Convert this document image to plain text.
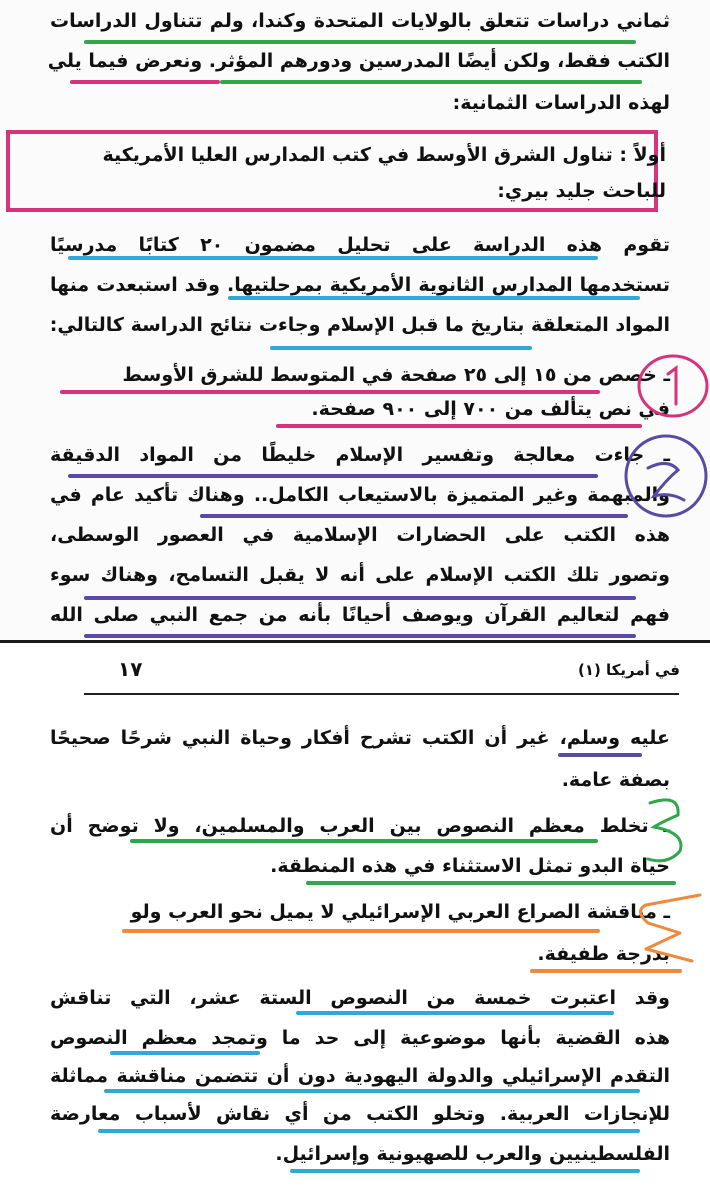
ثماني دراسات تتعلق بالولايات المتحدة وكندا، ولم تتناول الدراسات
الكتب فقط، ولكن أيضًا المدرسين ودورهم المؤثر. ونعرض فيما يلي
لهذه الدراسات الثمانية:
أولاً : تناول الشرق الأوسط في كتب المدارس العليا الأمريكية
للباحث جليد بيري:
تقوم هذه الدراسة على تحليل مضمون ٢٠ كتابًا مدرسيًا
تستخدمها المدارس الثانوية الأمريكية بمرحلتيها. وقد استبعدت منها
المواد المتعلقة بتاريخ ما قبل الإسلام وجاءت نتائج الدراسة كالتالي:
ـ خصص من ١٥ إلى ٢٥ صفحة في المتوسط للشرق الأوسط
في نص يتألف من ٧٠٠ إلى ٩٠٠ صفحة.
ـ جاءت معالجة وتفسير الإسلام خليطًا من المواد الدقيقة
والمبهمة وغير المتميزة بالاستيعاب الكامل.. وهناك تأكيد عام في
هذه الكتب على الحضارات الإسلامية في العصور الوسطى،
وتصور تلك الكتب الإسلام على أنه لا يقبل التسامح، وهناك سوء
فهم لتعاليم القرآن ويوصف أحيانًا بأنه من جمع النبي صلى الله
١٧	في أمريكا (١)
عليه وسلم، غير أن الكتب تشرح أفكار وحياة النبي شرحًا صحيحًا
بصفة عامة.
ـ تخلط معظم النصوص بين العرب والمسلمين، ولا توضح أن
حياة البدو تمثل الاستثناء في هذه المنطقة.
ـ مناقشة الصراع العربي الإسرائيلي لا يميل نحو العرب ولو
بدرجة طفيفة.
وقد اعتبرت خمسة من النصوص الستة عشر، التي تناقش
هذه القضية بأنها موضوعية إلى حد ما وتمجد معظم النصوص
التقدم الإسرائيلي والدولة اليهودية دون أن تتضمن مناقشة مماثلة
للإنجازات العربية. وتخلو الكتب من أي نقاش لأسباب معارضة
الفلسطينيين والعرب للصهيونية وإسرائيل.
